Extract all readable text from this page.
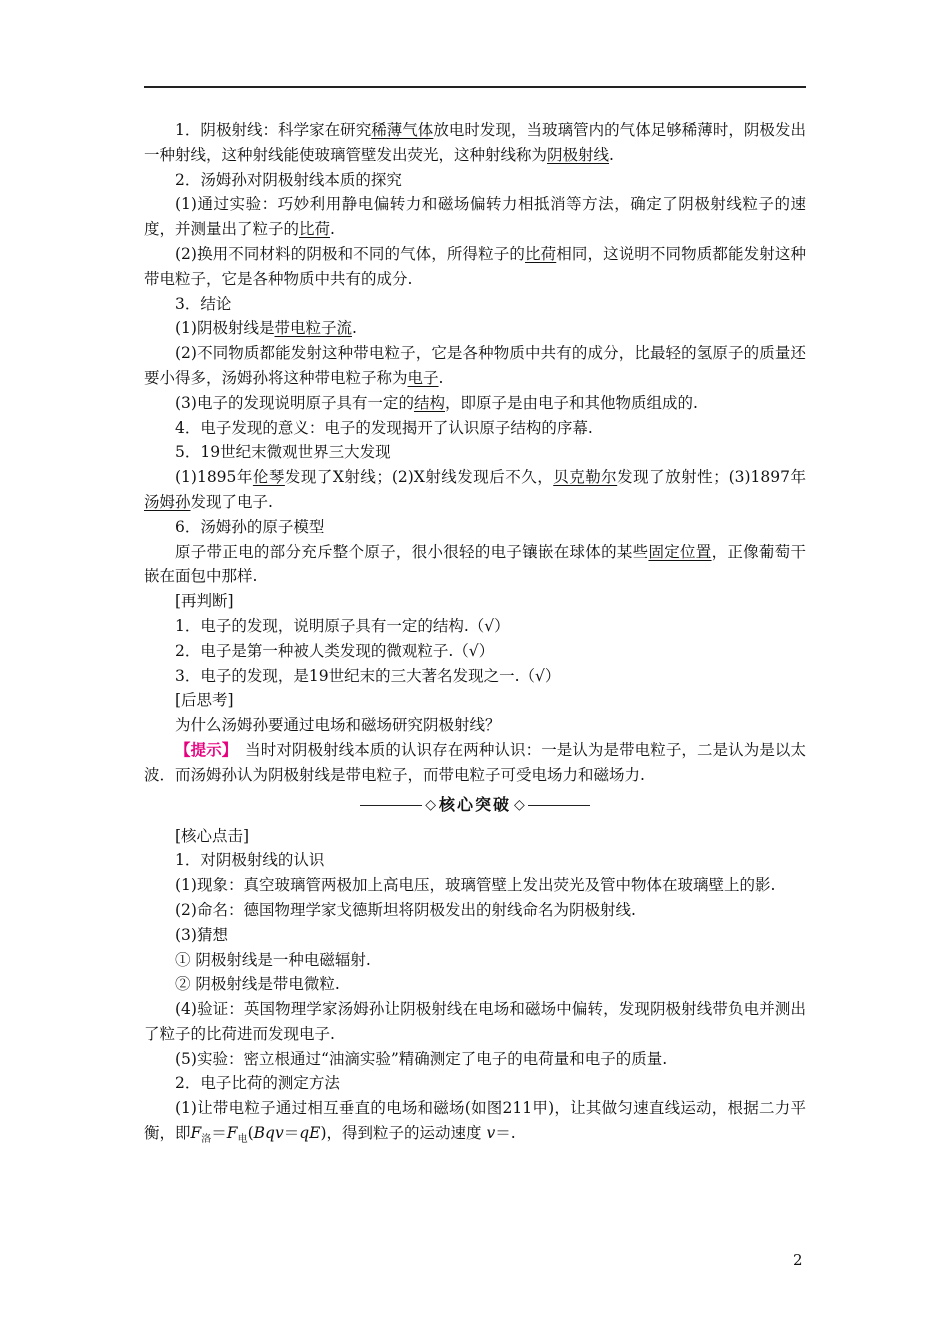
1．阴极射线：科学家在研究稀薄气体放电时发现，当玻璃管内的气体足够稀薄时，阴极发出一种射线，这种射线能使玻璃管壁发出荧光，这种射线称为阴极射线.

2．汤姆孙对阴极射线本质的探究

(1)通过实验：巧妙利用静电偏转力和磁场偏转力相抵消等方法，确定了阴极射线粒子的速度，并测量出了粒子的比荷.

(2)换用不同材料的阴极和不同的气体，所得粒子的比荷相同，这说明不同物质都能发射这种带电粒子，它是各种物质中共有的成分.

3．结论

(1)阴极射线是带电粒子流.

(2)不同物质都能发射这种带电粒子，它是各种物质中共有的成分，比最轻的氢原子的质量还要小得多，汤姆孙将这种带电粒子称为电子.

(3)电子的发现说明原子具有一定的结构，即原子是由电子和其他物质组成的.

4．电子发现的意义：电子的发现揭开了认识原子结构的序幕.

5．19世纪末微观世界三大发现

(1)1895年伦琴发现了X射线；(2)X射线发现后不久，贝克勒尔发现了放射性；(3)1897年汤姆孙发现了电子.

6．汤姆孙的原子模型

原子带正电的部分充斥整个原子，很小很轻的电子镶嵌在球体的某些固定位置，正像葡萄干嵌在面包中那样.

[再判断]

1．电子的发现，说明原子具有一定的结构.（√）

2．电子是第一种被人类发现的微观粒子.（√）

3．电子的发现，是19世纪末的三大著名发现之一.（√）

[后思考]

为什么汤姆孙要通过电场和磁场研究阴极射线？

【提示】　当时对阴极射线本质的认识存在两种认识：一是认为是带电粒子，二是认为是以太波．而汤姆孙认为阴极射线是带电粒子，而带电粒子可受电场力和磁场力.

◇ 核心突破 ◇

[核心点击]

1．对阴极射线的认识

(1)现象：真空玻璃管两极加上高电压，玻璃管壁上发出荧光及管中物体在玻璃壁上的影.

(2)命名：德国物理学家戈德斯坦将阴极发出的射线命名为阴极射线.

(3)猜想

① 阴极射线是一种电磁辐射.

② 阴极射线是带电微粒.

(4)验证：英国物理学家汤姆孙让阴极射线在电场和磁场中偏转，发现阴极射线带负电并测出了粒子的比荷进而发现电子.

(5)实验：密立根通过“油滴实验”精确测定了电子的电荷量和电子的质量.

2．电子比荷的测定方法

(1)让带电粒子通过相互垂直的电场和磁场(如图211甲)，让其做匀速直线运动，根据二力平衡，即$F_洛=F_电(Bqv=qE)$，得到粒子的运动速度 v＝.

2
